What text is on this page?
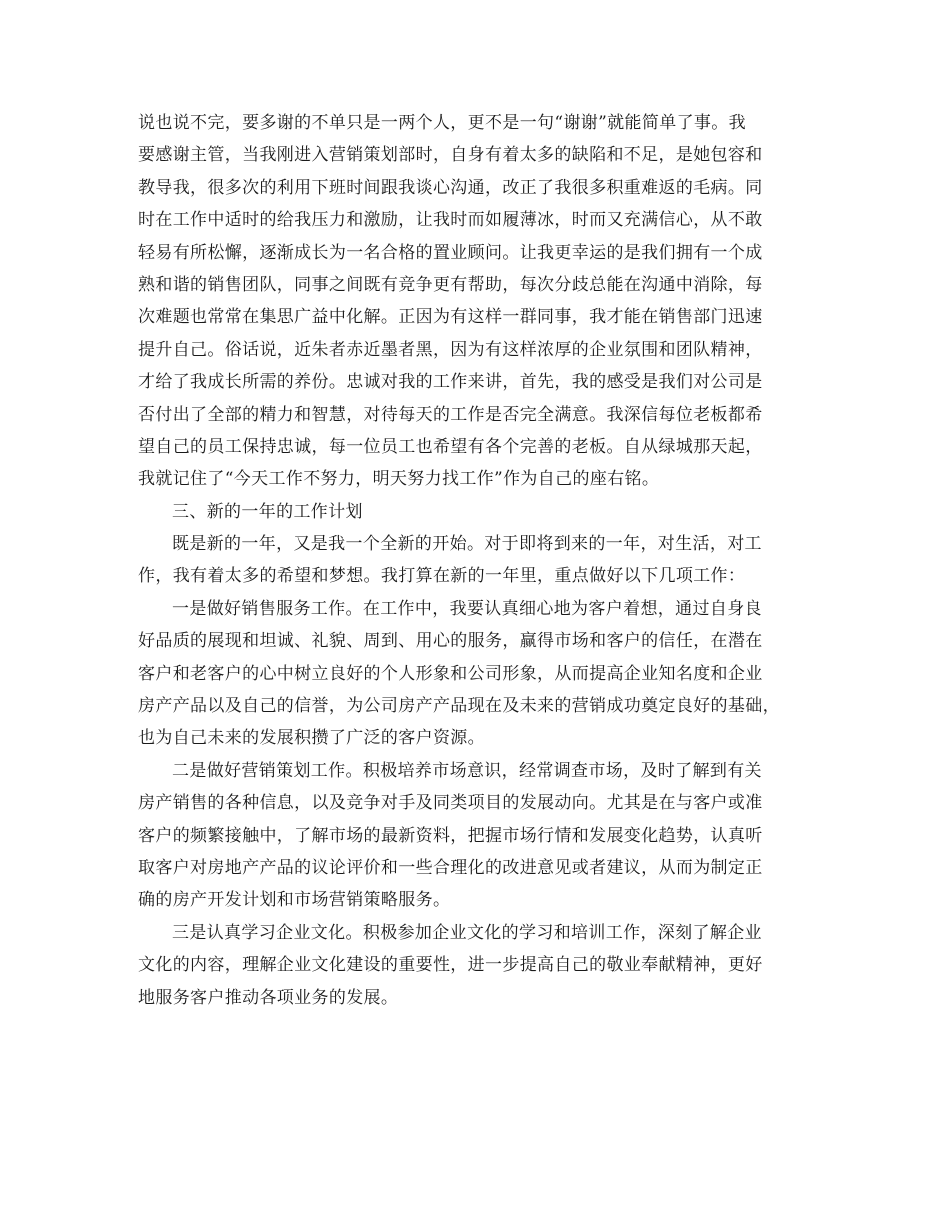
说也说不完，要多谢的不单只是一两个人，更不是一句“谢谢”就能简单了事。我
要感谢主管，当我刚进入营销策划部时，自身有着太多的缺陷和不足，是她包容和
教导我，很多次的利用下班时间跟我谈心沟通，改正了我很多积重难返的毛病。同
时在工作中适时的给我压力和激励，让我时而如履薄冰，时而又充满信心，从不敢
轻易有所松懈，逐渐成长为一名合格的置业顾问。让我更幸运的是我们拥有一个成
熟和谐的销售团队，同事之间既有竞争更有帮助，每次分歧总能在沟通中消除，每
次难题也常常在集思广益中化解。正因为有这样一群同事，我才能在销售部门迅速
提升自己。俗话说，近朱者赤近墨者黑，因为有这样浓厚的企业氛围和团队精神，
才给了我成长所需的养份。忠诚对我的工作来讲，首先，我的感受是我们对公司是
否付出了全部的精力和智慧，对待每天的工作是否完全满意。我深信每位老板都希
望自己的员工保持忠诚，每一位员工也希望有各个完善的老板。自从绿城那天起，
我就记住了“今天工作不努力，明天努力找工作”作为自己的座右铭。
三、新的一年的工作计划
既是新的一年，又是我一个全新的开始。对于即将到来的一年，对生活，对工
作，我有着太多的希望和梦想。我打算在新的一年里，重点做好以下几项工作：
一是做好销售服务工作。在工作中，我要认真细心地为客户着想，通过自身良
好品质的展现和坦诚、礼貌、周到、用心的服务，赢得市场和客户的信任，在潜在
客户和老客户的心中树立良好的个人形象和公司形象，从而提高企业知名度和企业
房产产品以及自己的信誉，为公司房产产品现在及未来的营销成功奠定良好的基础，
也为自己未来的发展积攒了广泛的客户资源。
二是做好营销策划工作。积极培养市场意识，经常调查市场，及时了解到有关
房产销售的各种信息，以及竞争对手及同类项目的发展动向。尤其是在与客户或准
客户的频繁接触中，了解市场的最新资料，把握市场行情和发展变化趋势，认真听
取客户对房地产产品的议论评价和一些合理化的改进意见或者建议，从而为制定正
确的房产开发计划和市场营销策略服务。
三是认真学习企业文化。积极参加企业文化的学习和培训工作，深刻了解企业
文化的内容，理解企业文化建设的重要性，进一步提高自己的敬业奉献精神，更好
地服务客户推动各项业务的发展。
